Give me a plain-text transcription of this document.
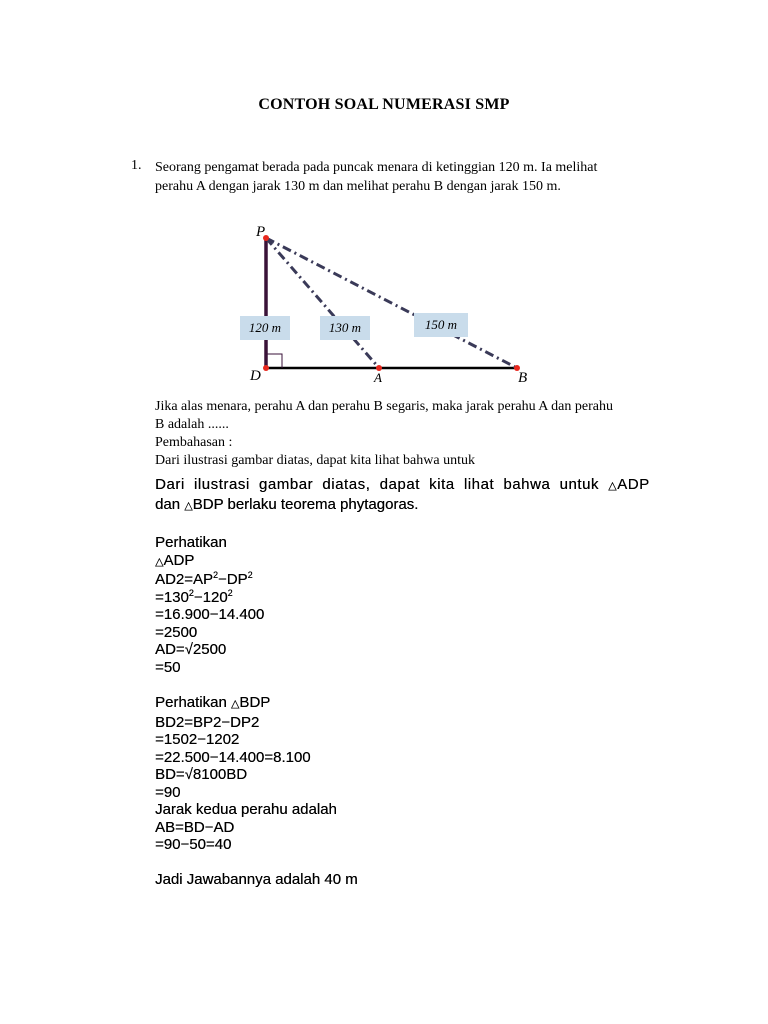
CONTOH SOAL NUMERASI SMP
1. Seorang pengamat berada pada puncak menara di ketinggian 120 m. Ia melihat
perahu A dengan jarak 130 m dan melihat perahu B dengan jarak 150 m.
120 m	130 m	150 m
P
D	A	B
Jika alas menara, perahu A dan perahu B segaris, maka jarak perahu A dan perahu
B adalah ......
Pembahasan :
Dari ilustrasi gambar diatas, dapat kita lihat bahwa untuk
Dari ilustrasi gambar diatas, dapat kita lihat bahwa untuk △ADP
dan △BDP berlaku teorema phytagoras.
Perhatikan
△ADP
$AD2=AP^2-DP^2$
$=130^2-120^2$
=16.900−14.400
=2500
AD=√2500
=50
Perhatikan △BDP
BD2=BP2−DP2
=1502−1202
=22.500−14.400=8.100
BD=√8100BD
=90
Jarak kedua perahu adalah
AB=BD−AD
=90−50=40
Jadi Jawabannya adalah 40 m
